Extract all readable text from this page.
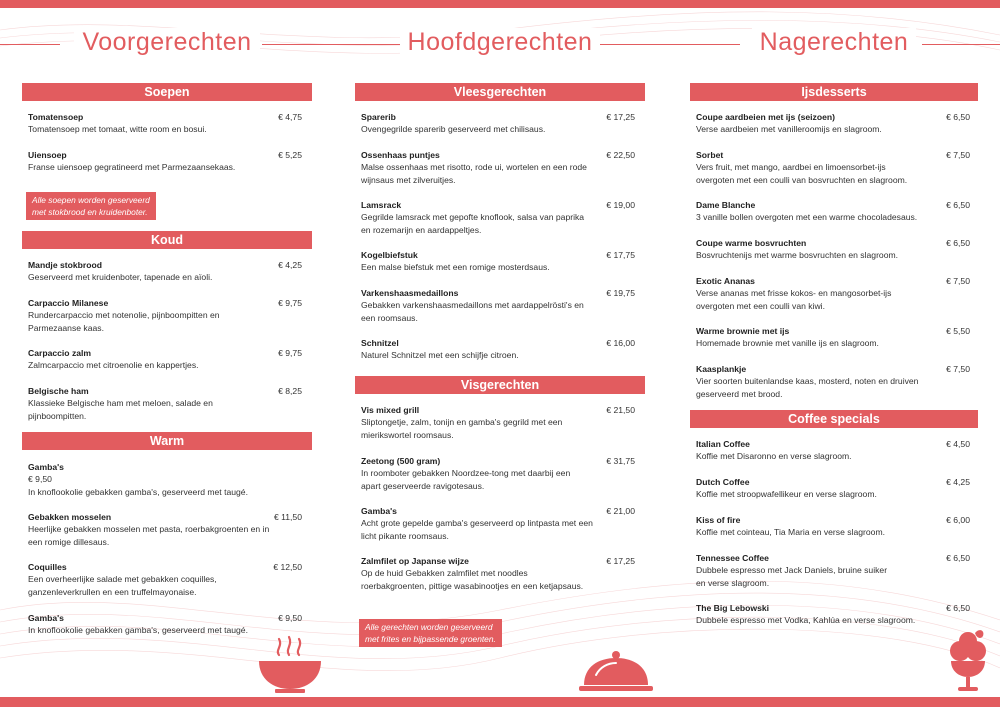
Voorgerechten
Soepen
Tomatensoep	€ 4,75
Tomatensoep met tomaat, witte room en bosui.
Uiensoep	€ 5,25
Franse uiensoep gegratineerd met Parmezaansekaas.
Alle soepen worden geserveerd
met stokbrood en kruidenboter.
Koud
Mandje stokbrood	€ 4,25
Geserveerd met kruidenboter, tapenade en aïoli.
Carpaccio Milanese	€ 9,75
Rundercarpaccio met notenolie, pijnboompitten en Parmezaanse kaas.
Carpaccio zalm	€ 9,75
Zalmcarpaccio met citroenolie en kappertjes.
Belgische ham	€ 8,25
Klassieke Belgische ham met meloen, salade en pijnboompitten.
Warm
Gamba's
€ 9,50
In knoflookolie gebakken gamba's, geserveerd met taugé.
Gebakken mosselen	€ 11,50
Heerlijke gebakken mosselen met pasta, roerbakgroenten en in een romige dillesaus.
Coquilles	€ 12,50
Een overheerlijke salade met gebakken coquilles, ganzenleverkrullen en een truffelmayonaise.
Gamba's	€ 9,50
In knoflookolie gebakken gamba's, geserveerd met taugé.
Hoofdgerechten
Vleesgerechten
Sparerib	€ 17,25
Ovengegrilde sparerib geserveerd met chilisaus.
Ossenhaas puntjes	€ 22,50
Malse ossenhaas met risotto, rode ui, wortelen en een rode wijnsaus met zilveruitjes.
Lamsrack	€ 19,00
Gegrilde lamsrack met gepofte knoflook, salsa van paprika en rozemarijn en aardappeltjes.
Kogelbiefstuk	€ 17,75
Een malse biefstuk met een romige mosterdsaus.
Varkenshaasmedaillons	€ 19,75
Gebakken varkenshaasmedaillons met aardappelrösti's en een roomsaus.
Schnitzel	€ 16,00
Naturel Schnitzel met een schijfje citroen.
Visgerechten
Vis mixed grill	€ 21,50
Sliptongetje, zalm, tonijn en gamba's gegrild met een mierikswortel roomsaus.
Zeetong (500 gram)	€ 31,75
In roomboter gebakken Noordzee-tong met daarbij een apart geserveerde ravigotesaus.
Gamba's	€ 21,00
Acht grote gepelde gamba's geserveerd op lintpasta met een licht pikante roomsaus.
Zalmfilet op Japanse wijze	€ 17,25
Op de huid Gebakken zalmfilet met noodles roerbakgroenten, pittige wasabinootjes en een ketjapsaus.
Alle gerechten worden geserveerd
met frites en bijpassende groenten.
Nagerechten
Ijsdesserts
Coupe aardbeien met ijs (seizoen)	€ 6,50
Verse aardbeien met vanilleroomijs en slagroom.
Sorbet	€ 7,50
Vers fruit, met mango, aardbei en limoensorbet-ijs overgoten met een coulli van bosvruchten en slagroom.
Dame Blanche	€ 6,50
3 vanille bollen overgoten met een warme chocoladesaus.
Coupe warme bosvruchten	€ 6,50
Bosvruchtenijs met warme bosvruchten en slagroom.
Exotic Ananas	€ 7,50
Verse ananas met frisse kokos- en mangosorbet-ijs overgoten met een coulli van kiwi.
Warme brownie met ijs	€ 5,50
Homemade brownie met vanille ijs en slagroom.
Kaasplankje	€ 7,50
Vier soorten buitenlandse kaas, mosterd, noten en druiven geserveerd met brood.
Coffee specials
Italian Coffee	€ 4,50
Koffie met Disaronno en verse slagroom.
Dutch Coffee	€ 4,25
Koffie met stroopwafellikeur en verse slagroom.
Kiss of fire	€ 6,00
Koffie met cointeau, Tia Maria en verse slagroom.
Tennessee Coffee	€ 6,50
Dubbele espresso met Jack Daniels, bruine suiker en verse slagroom.
The Big Lebowski	€ 6,50
Dubbele espresso met Vodka, Kahlúa en verse slagroom.
